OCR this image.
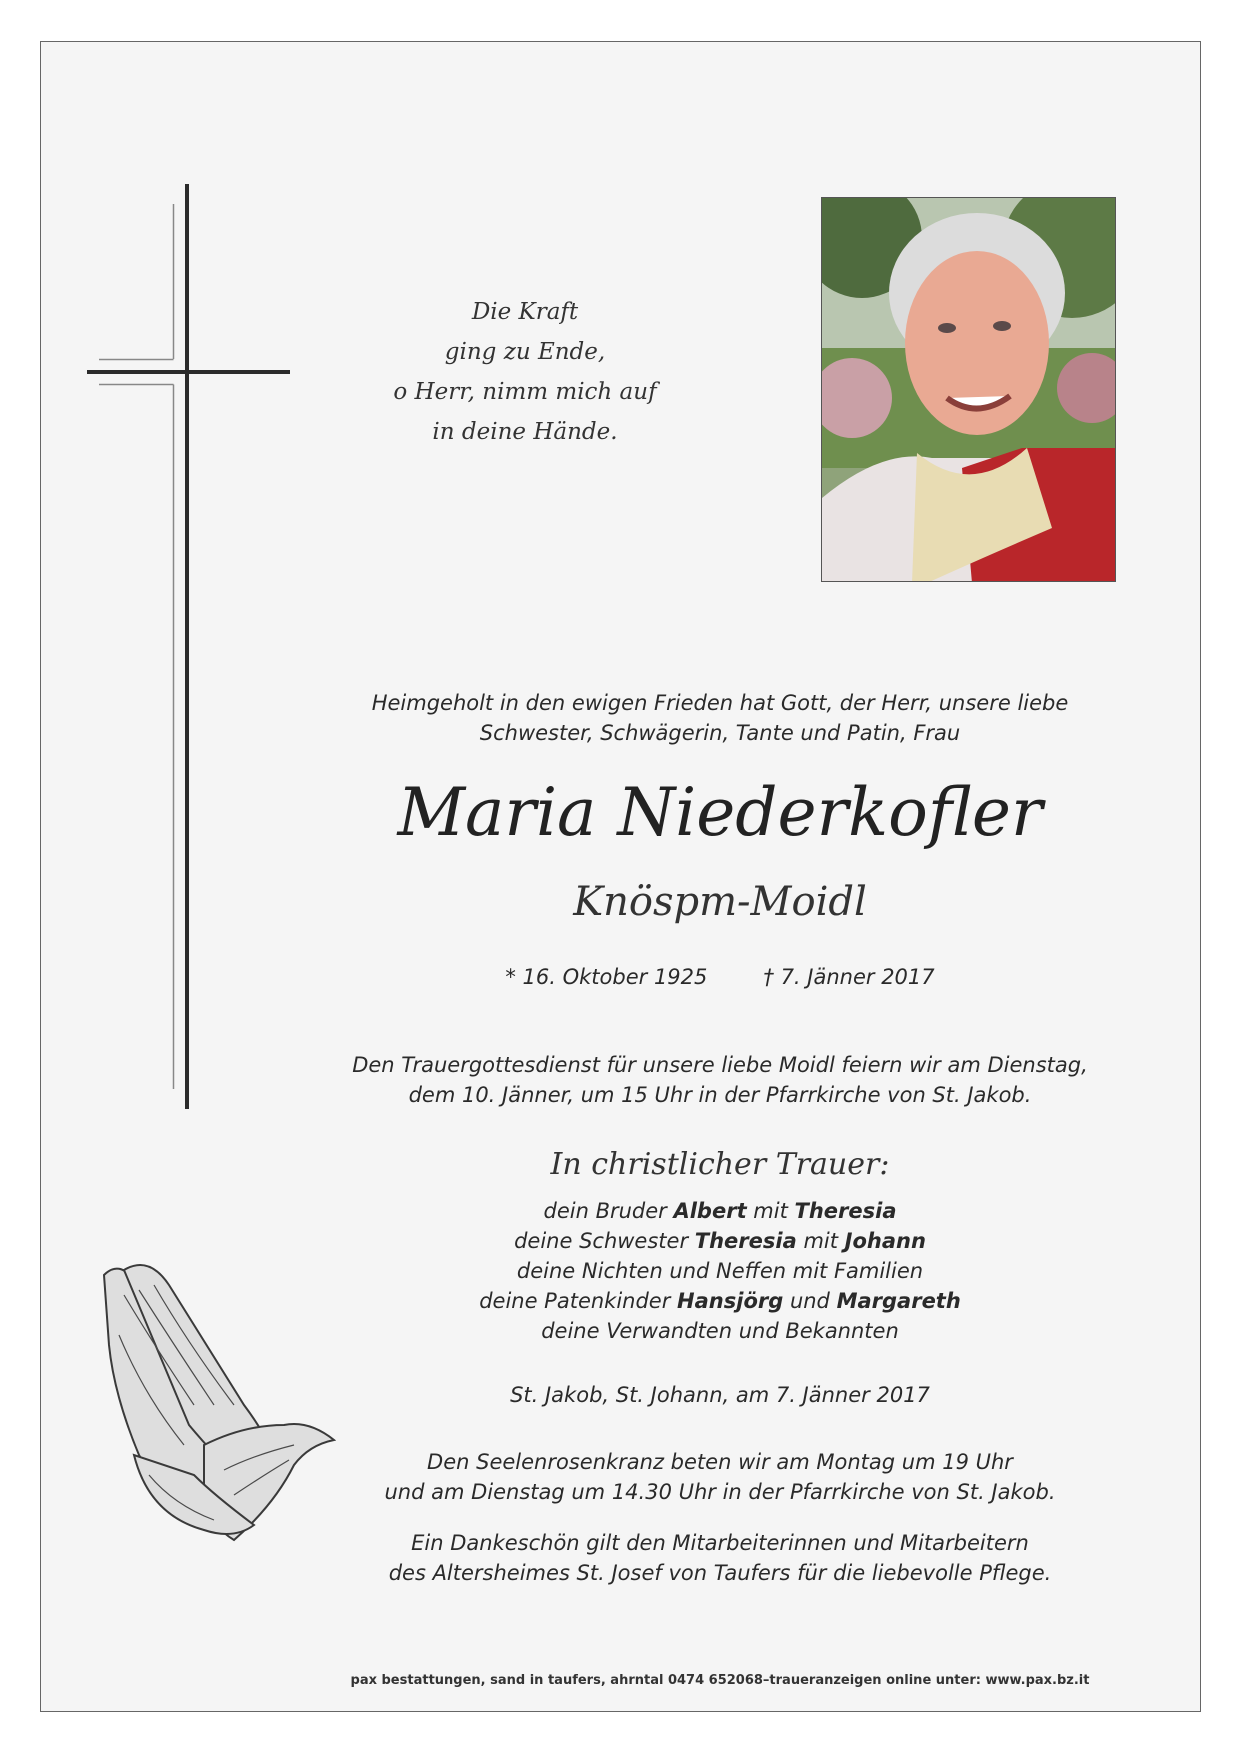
Die Kraft
ging zu Ende,
o Herr, nimm mich auf
in deine Hände.
Heimgeholt in den ewigen Frieden hat Gott, der Herr, unsere liebe
Schwester, Schwägerin, Tante und Patin, Frau
Maria Niederkofler
Knöspm-Moidl
* 16. Oktober 1925	† 7. Jänner 2017
Den Trauergottesdienst für unsere liebe Moidl feiern wir am Dienstag,
dem 10. Jänner, um 15 Uhr in der Pfarrkirche von St. Jakob.
In christlicher Trauer:
dein Bruder Albert mit Theresia
deine Schwester Theresia mit Johann
deine Nichten und Neffen mit Familien
deine Patenkinder Hansjörg und Margareth
deine Verwandten und Bekannten
St. Jakob, St. Johann, am 7. Jänner 2017
Den Seelenrosenkranz beten wir am Montag um 19 Uhr
und am Dienstag um 14.30 Uhr in der Pfarrkirche von St. Jakob.
Ein Dankeschön gilt den Mitarbeiterinnen und Mitarbeitern
des Altersheimes St. Josef von Taufers für die liebevolle Pflege.
pax bestattungen, sand in taufers, ahrntal 0474 652068–traueranzeigen online unter: www.pax.bz.it
